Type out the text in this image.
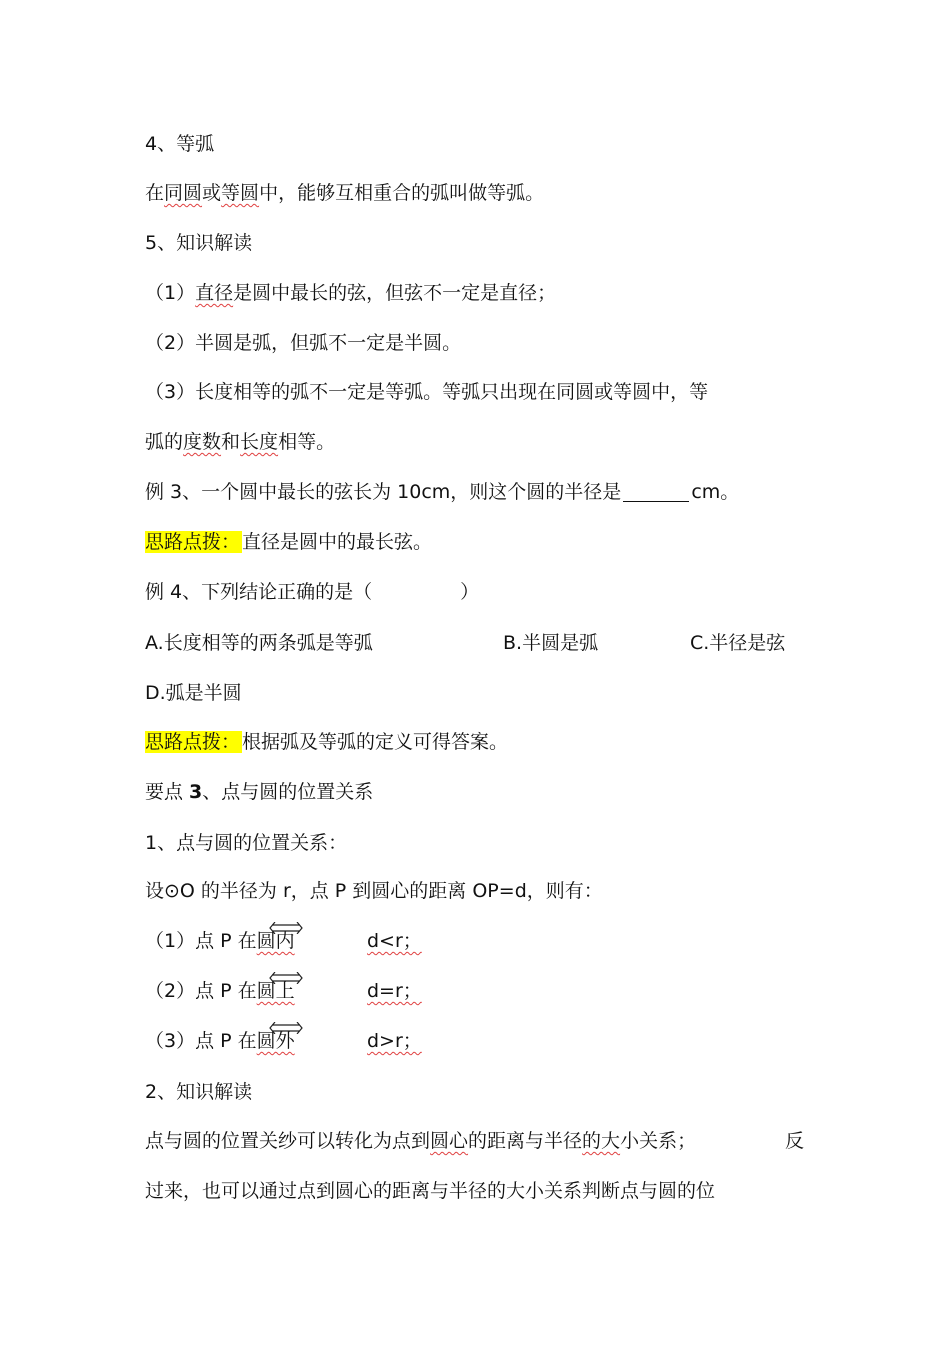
4、等弧
在同圆或等圆中，能够互相重合的弧叫做等弧。
5、知识解读
（1）直径是圆中最长的弦，但弦不一定是直径；
（2）半圆是弧，但弧不一定是半圆。
（3）长度相等的弧不一定是等弧。等弧只出现在同圆或等圆中，等
弧的度数和长度相等。
例 3、一个圆中最长的弦长为 10cm，则这个圆的半径是	cm。
思路点拨： 直径是圆中的最长弦。
例 4、下列结论正确的是（	）
A.长度相等的两条弧是等弧	B.半圆是弧	C.半径是弦
D.弧是半圆
思路点拨： 根据弧及等弧的定义可得答案。
要点 3、点与圆的位置关系
1、点与圆的位置关系：
设⊙O 的半径为 r，点 P 到圆心的距离 OP=d，则有：
（1）点 P 在圆内	d<r；
（2）点 P 在圆上	d=r；
（3）点 P 在圆外	d>r；
2、知识解读
点与圆的位置关纱可以转化为点到圆心的距离与半径的大小关系；	反
过来，也可以通过点到圆心的距离与半径的大小关系判断点与圆的位
